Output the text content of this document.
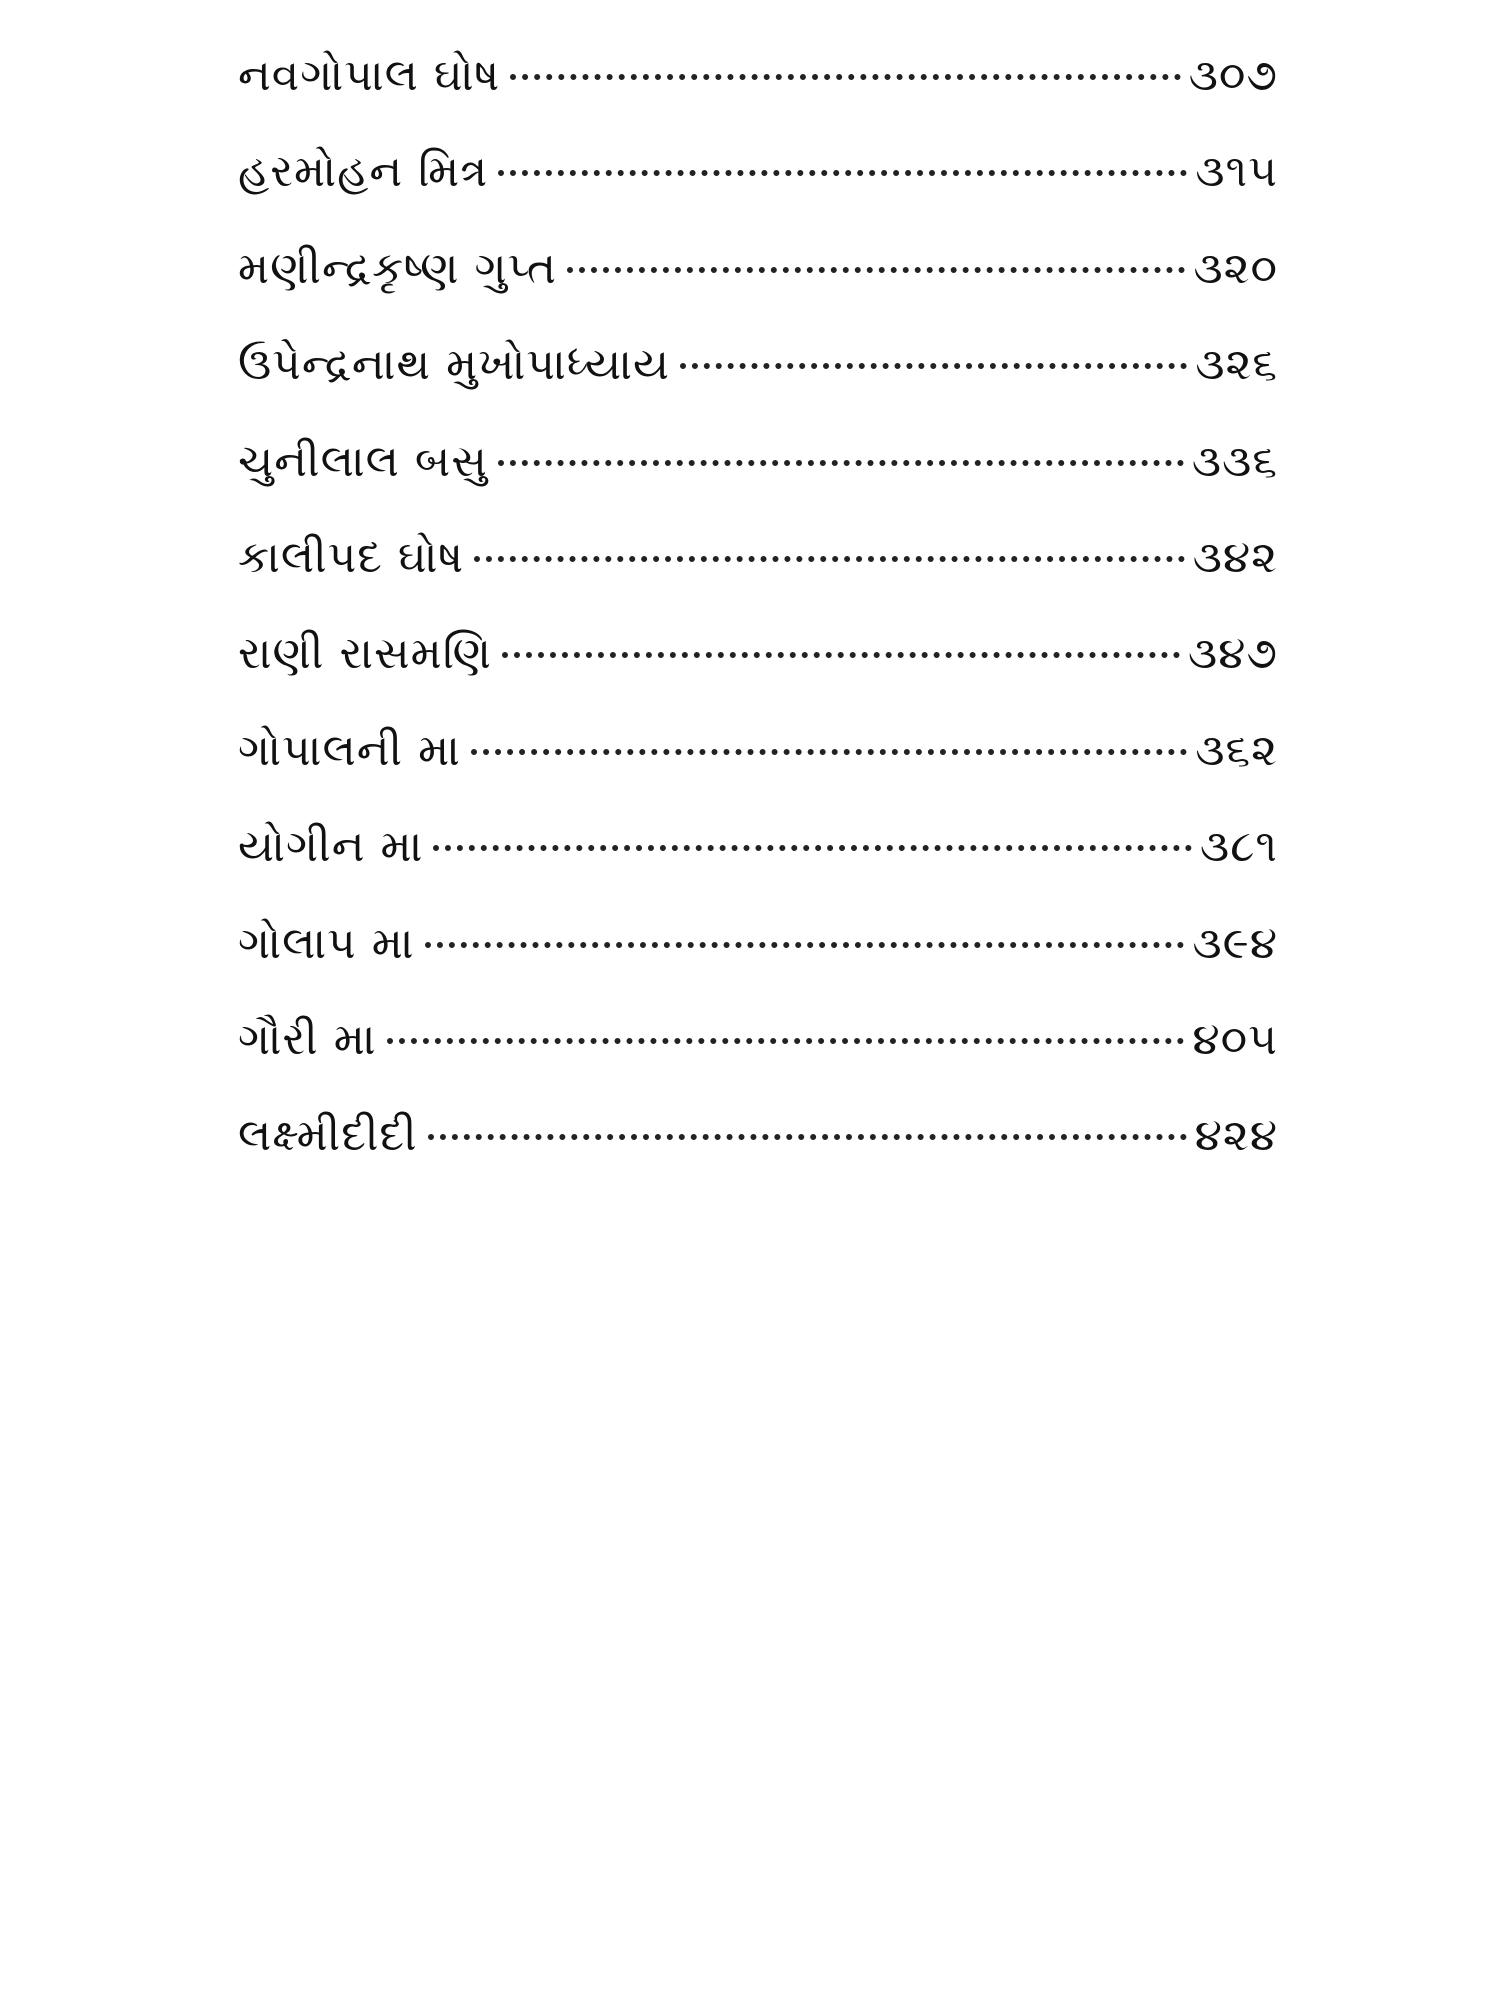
નવગોપાલ ઘોષ	૩૦૭
હરમોહન મિત્ર	૩૧૫
મણીન્દ્રકૃષ્ણ ગુપ્ત	૩૨૦
ઉપેન્દ્રનાથ મુખોપાધ્યાય	૩૨૬
ચુનીલાલ બસુ	૩૩૬
કાલીપદ ઘોષ	૩૪૨
રાણી રાસમણિ	૩૪૭
ગોપાલની મા	૩૬૨
યોગીન મા	૩૮૧
ગોલાપ મા	૩૯૪
ગૌરી મા	૪૦૫
લક્ષ્મીદીદી	૪૨૪
